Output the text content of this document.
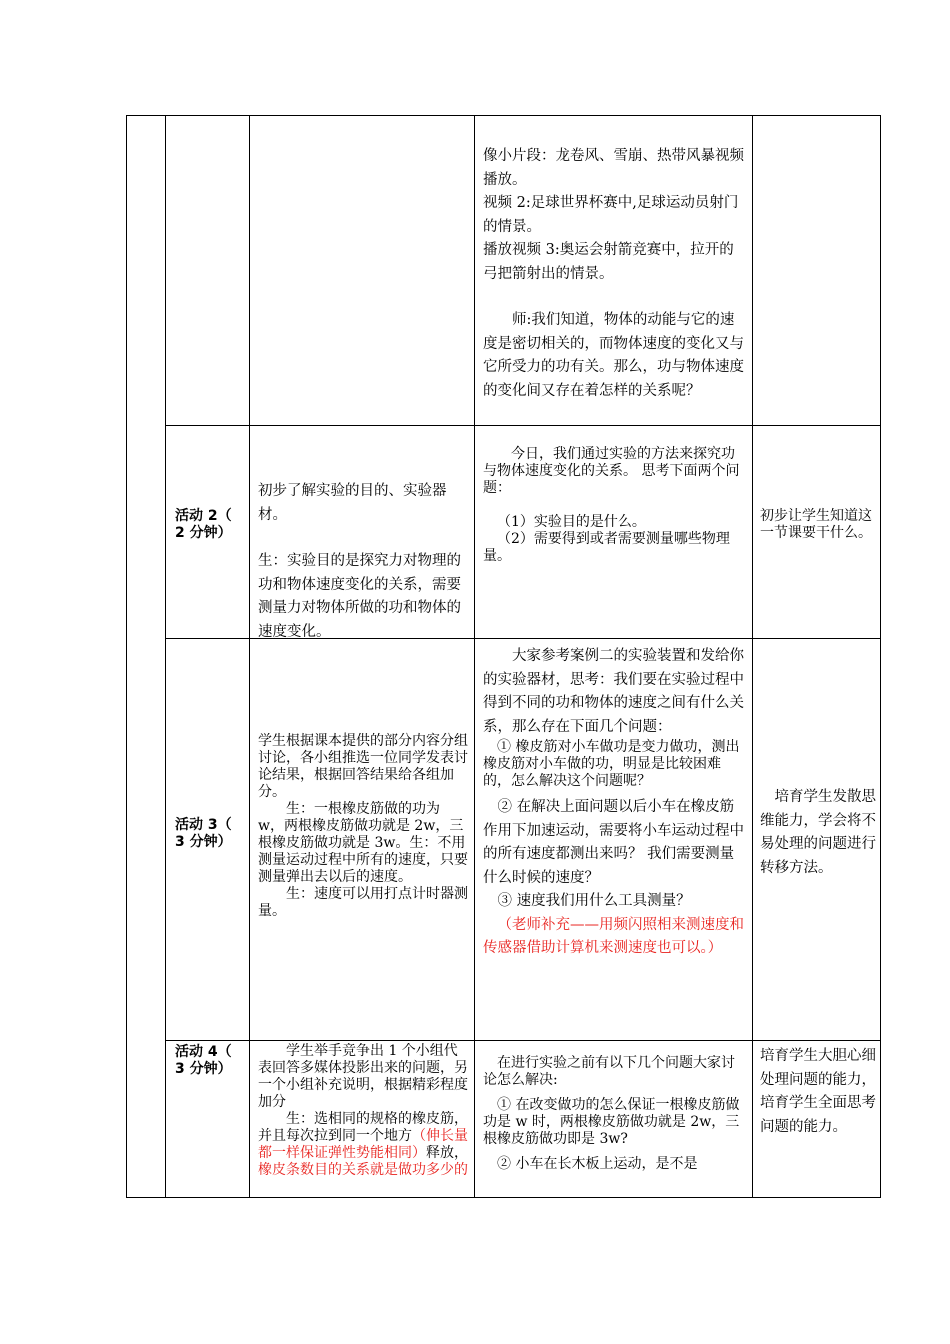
像小片段：龙卷风、雪崩、热带风暴视频播放。

视频 2:足球世界杯赛中,足球运动员射门的情景。

播放视频 3:奥运会射箭竞赛中，拉开的弓把箭射出的情景。

师:我们知道，物体的动能与它的速度是密切相关的，而物体速度的变化又与它所受力的功有关。那么，功与物体速度的变化间又存在着怎样的关系呢？

活动 2（ 2 分钟）

初步了解实验的目的、实验器材。

生：实验目的是探究力对物理的功和物体速度变化的关系，需要测量力对物体所做的功和物体的速度变化。

今日，我们通过实验的方法来探究功与物体速度变化的关系。 思考下面两个问题：

（1）实验目的是什么。

（2）需要得到或者需要测量哪些物理量。

初步让学生知道这一节课要干什么。
活动 3（ 3 分钟）

学生根据课本提供的部分内容分组讨论，各小组推选一位同学发表讨论结果，根据回答结果给各组加分。

生：一根橡皮筋做的功为 w，两根橡皮筋做功就是 2w，三根橡皮筋做功就是 3w。生：不用测量运动过程中所有的速度，只要测量弹出去以后的速度。

生：速度可以用打点计时器测量。

大家参考案例二的实验装置和发给你的实验器材，思考：我们要在实验过程中得到不同的功和物体的速度之间有什么关系，那么存在下面几个问题：

① 橡皮筋对小车做功是变力做功，测出橡皮筋对小车做的功，明显是比较困难的，怎么解决这个问题呢？

② 在解决上面问题以后小车在橡皮筋作用下加速运动，需要将小车运动过程中的所有速度都测出来吗？ 我们需要测量什么时候的速度？

③ 速度我们用什么工具测量？

（老师补充——用频闪照相来测速度和传感器借助计算机来测速度也可以。）

培育学生发散思维能力，学会将不易处理的问题进行转移方法。

活动 4（ 3 分钟）

学生举手竞争出 1 个小组代表回答多媒体投影出来的问题，另一个小组补充说明，根据精彩程度加分

生：选相同的规格的橡皮筋，并且每次拉到同一个地方（伸长量都一样保证弹性势能相同）释放，橡皮条数目的关系就是做功多少的

在进行实验之前有以下几个问题大家讨论怎么解决:

① 在改变做功的怎么保证一根橡皮筋做功是 w 时，两根橡皮筋做功就是 2w，三根橡皮筋做功即是 3w?

② 小车在长木板上运动，是不是

培育学生大胆心细处理问题的能力，培育学生全面思考问题的能力。
